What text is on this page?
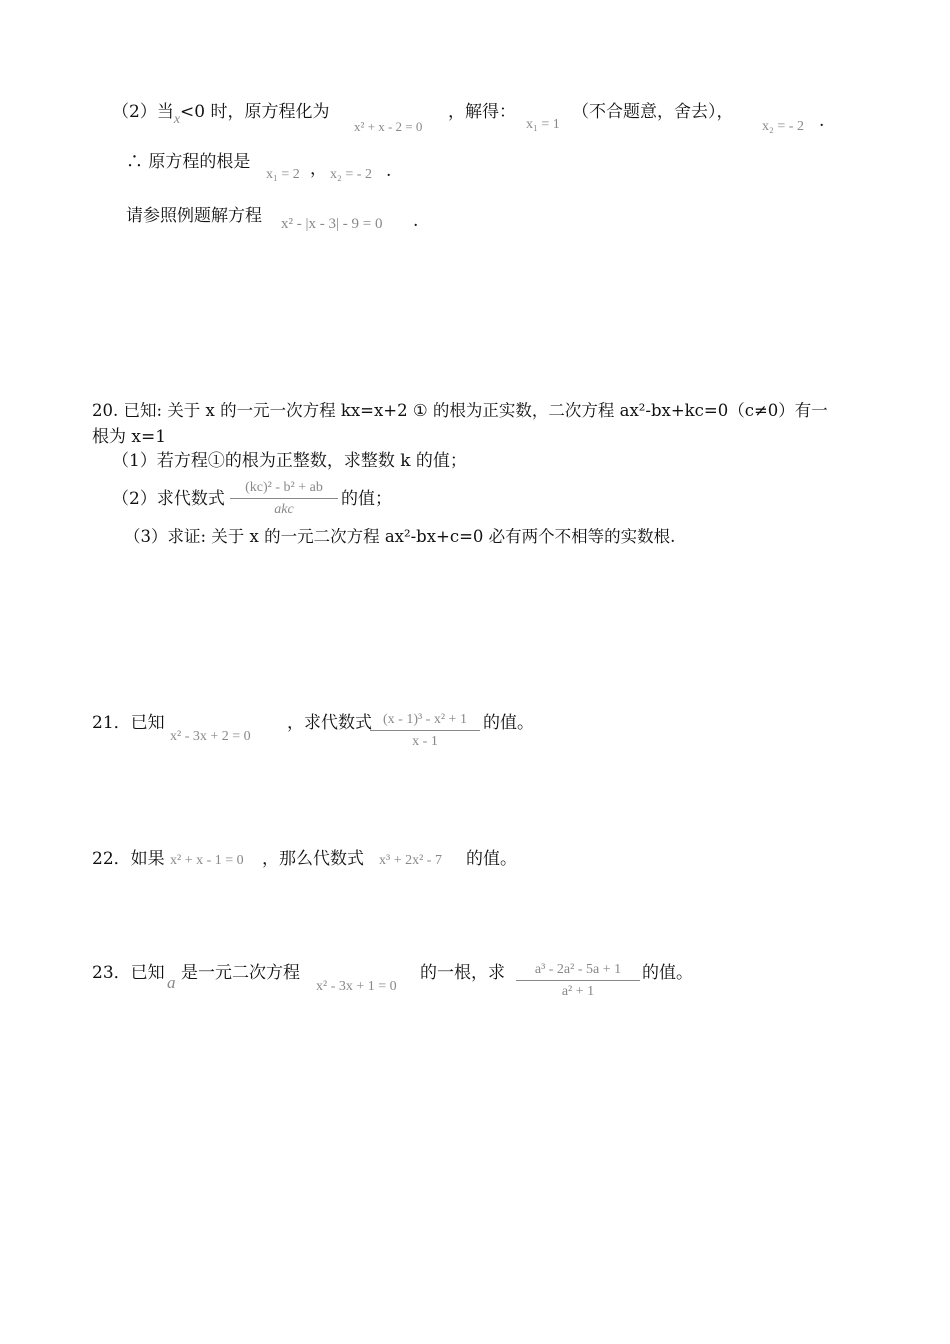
（2）当$_x$<0 时，原方程化为
x² + x - 2 = 0
，解得：
x₁ = 1
（不合题意，舍去），
x₂ = - 2 .
∴ 原方程的根是
x₁ = 2 ， x₂ = - 2 .
请参照例题解方程 x² - |x - 3| - 9 = 0 .
20. 已知: 关于 x 的一元一次方程 kx=x+2 ① 的根为正实数，二次方程 ax²-bx+kc=0（c≠0）有一
根为 x=1
（1）若方程①的根为正整数，求整数 k 的值；
（2）求代数式
(kc)² - b² + ab
akc
的值；
（3）求证: 关于 x 的一元二次方程 ax²-bx+c=0 必有两个不相等的实数根.
21．已知
x² - 3x + 2 = 0
，求代数式 (x - 1)³ - x² + 1
x - 1
的值。
22．如果 x² + x - 1 = 0 ，那么代数式 x³ + 2x² - 7 的值。
23．已知 a 是一元二次方程
x² - 3x + 1 = 0
的一根，求	a³ - 2a² - 5a + 1
a² + 1
的值。
